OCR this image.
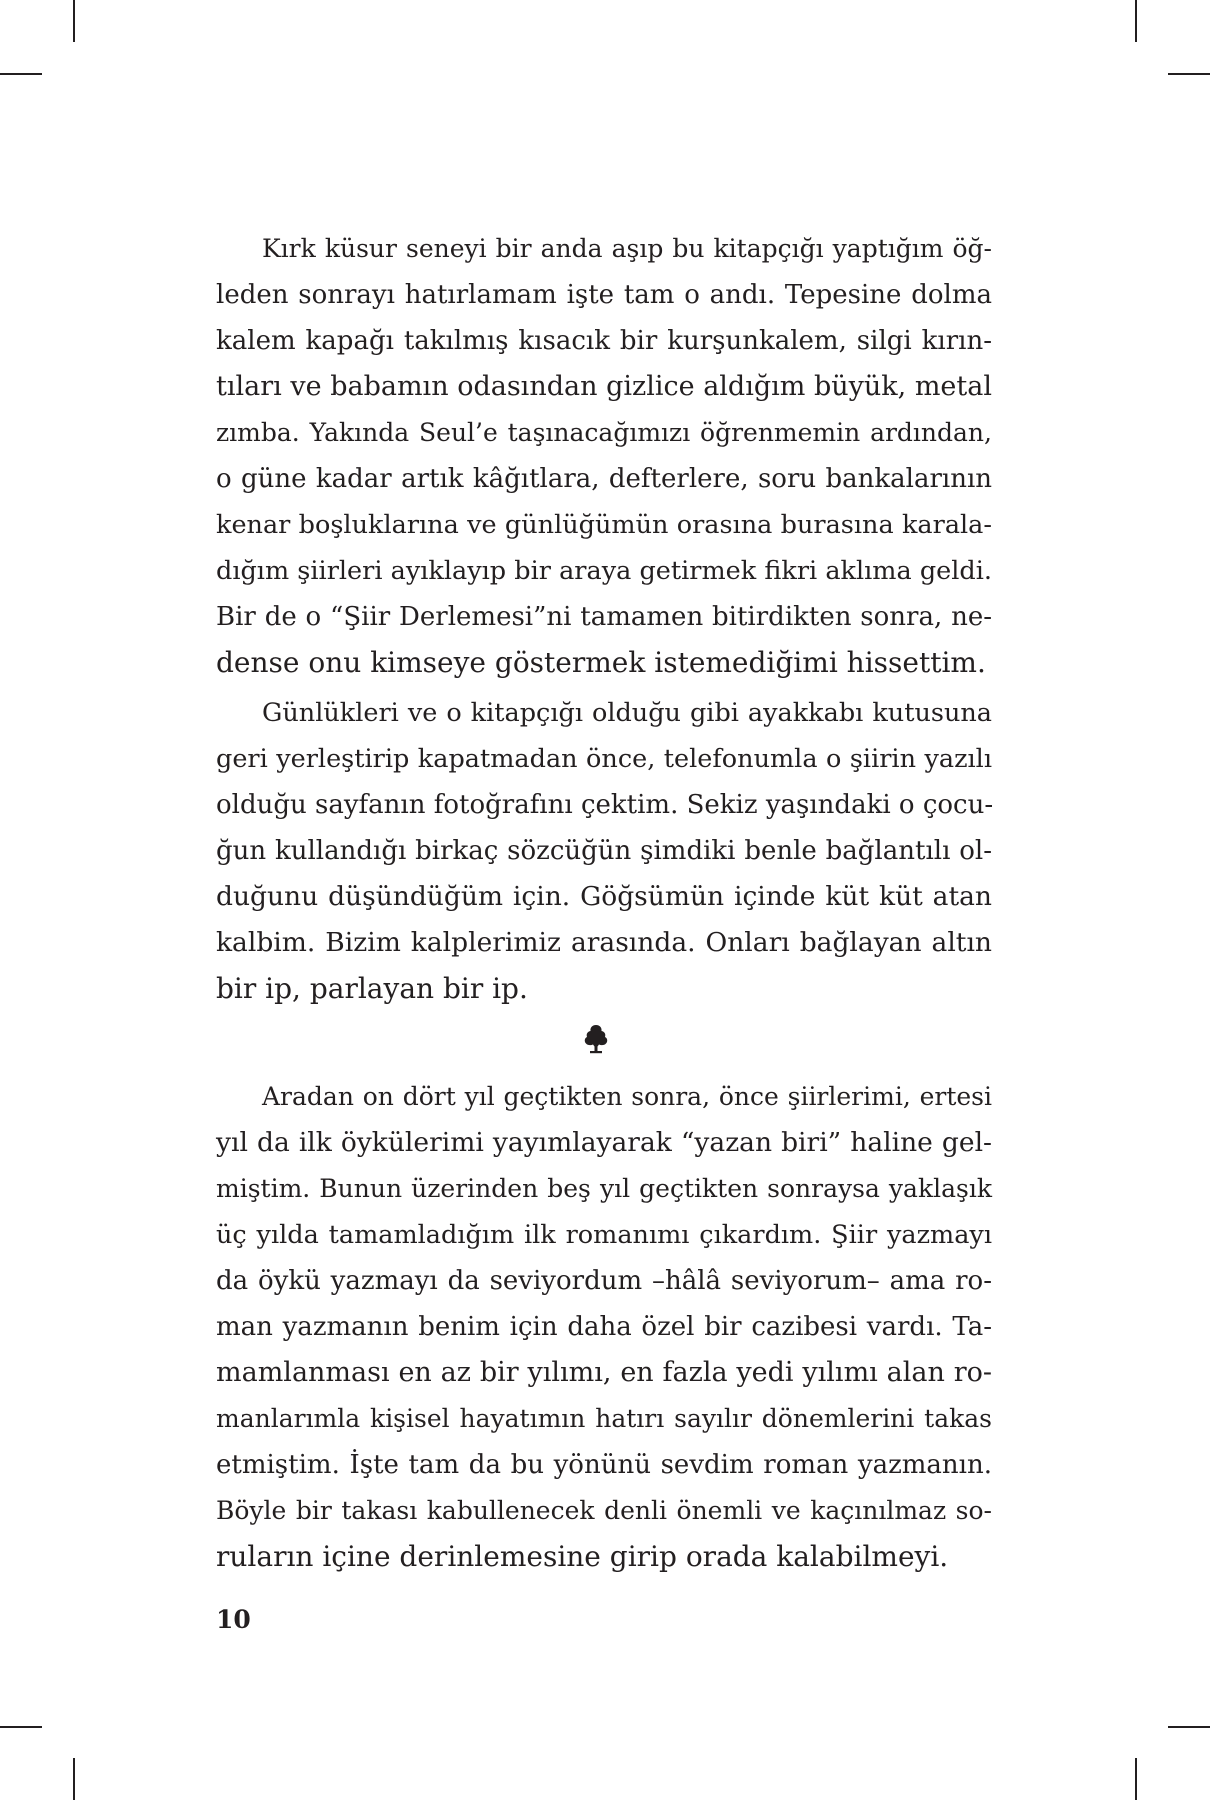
Kırk küsur seneyi bir anda aşıp bu kitapçığı yaptığım öğ-
leden sonrayı hatırlamam işte tam o andı. Tepesine dolma
kalem kapağı takılmış kısacık bir kurşunkalem, silgi kırın-
tıları ve babamın odasından gizlice aldığım büyük, metal
zımba. Yakında Seul’e taşınacağımızı öğrenmemin ardından,
o güne kadar artık kâğıtlara, defterlere, soru bankalarının
kenar boşluklarına ve günlüğümün orasına burasına karala-
dığım şiirleri ayıklayıp bir araya getirmek fikri aklıma geldi.
Bir de o “Şiir Derlemesi”ni tamamen bitirdikten sonra, ne-
dense onu kimseye göstermek istemediğimi hissettim.
Günlükleri ve o kitapçığı olduğu gibi ayakkabı kutusuna
geri yerleştirip kapatmadan önce, telefonumla o şiirin yazılı
olduğu sayfanın fotoğrafını çektim. Sekiz yaşındaki o çocu-
ğun kullandığı birkaç sözcüğün şimdiki benle bağlantılı ol-
duğunu düşündüğüm için. Göğsümün içinde küt küt atan
kalbim. Bizim kalplerimiz arasında. Onları bağlayan altın
bir ip, parlayan bir ip.
Aradan on dört yıl geçtikten sonra, önce şiirlerimi, ertesi
yıl da ilk öykülerimi yayımlayarak “yazan biri” haline gel-
miştim. Bunun üzerinden beş yıl geçtikten sonraysa yaklaşık
üç yılda tamamladığım ilk romanımı çıkardım. Şiir yazmayı
da öykü yazmayı da seviyordum –hâlâ seviyorum– ama ro-
man yazmanın benim için daha özel bir cazibesi vardı. Ta-
mamlanması en az bir yılımı, en fazla yedi yılımı alan ro-
manlarımla kişisel hayatımın hatırı sayılır dönemlerini takas
etmiştim. İşte tam da bu yönünü sevdim roman yazmanın.
Böyle bir takası kabullenecek denli önemli ve kaçınılmaz so-
ruların içine derinlemesine girip orada kalabilmeyi.
10
